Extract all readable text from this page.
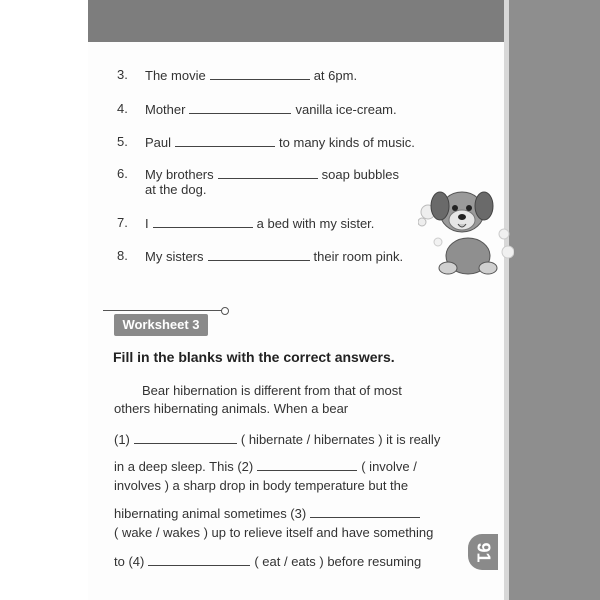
3. The movie	at 6pm.
4. Mother	vanilla ice-cream.
5. Paul	to many kinds of music.
6. My brothers	soap bubbles
at the dog.
7. I	a bed with my sister.
8. My sisters	their room pink.
Worksheet 3
Fill in the blanks with the correct answers.
Bear hibernation is different from that of most
others hibernating animals. When a bear
(1)	( hibernate / hibernates ) it is really
in a deep sleep. This (2)	( involve /
involves ) a sharp drop in body temperature but the
hibernating animal sometimes (3)
( wake / wakes ) up to relieve itself and have something
to (4)	( eat / eats ) before resuming	91
